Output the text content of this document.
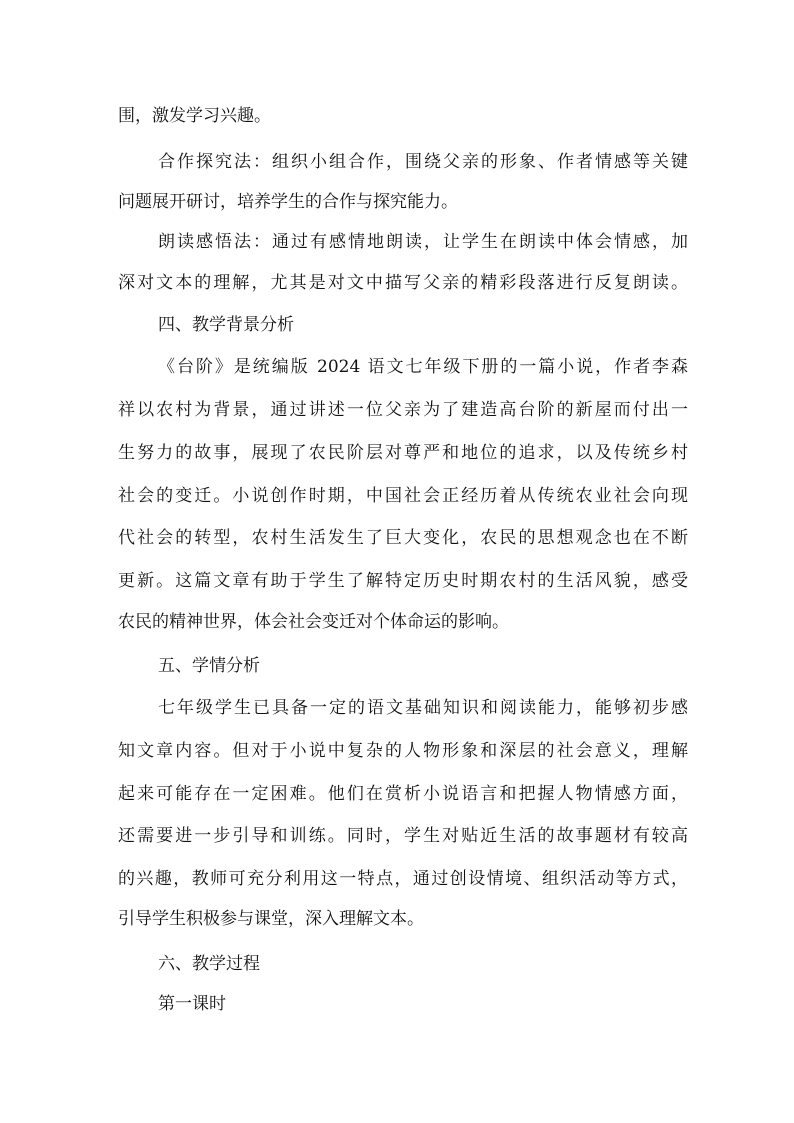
围，激发学习兴趣。

合作探究法：组织小组合作，围绕父亲的形象、作者情感等关键

问题展开研讨，培养学生的合作与探究能力。

朗读感悟法：通过有感情地朗读，让学生在朗读中体会情感，加

深对文本的理解，尤其是对文中描写父亲的精彩段落进行反复朗读。

四、教学背景分析

《台阶》是统编版 2024 语文七年级下册的一篇小说，作者李森

祥以农村为背景，通过讲述一位父亲为了建造高台阶的新屋而付出一

生努力的故事，展现了农民阶层对尊严和地位的追求，以及传统乡村

社会的变迁。小说创作时期，中国社会正经历着从传统农业社会向现

代社会的转型，农村生活发生了巨大变化，农民的思想观念也在不断

更新。这篇文章有助于学生了解特定历史时期农村的生活风貌，感受

农民的精神世界，体会社会变迁对个体命运的影响。

五、学情分析

七年级学生已具备一定的语文基础知识和阅读能力，能够初步感

知文章内容。但对于小说中复杂的人物形象和深层的社会意义，理解

起来可能存在一定困难。他们在赏析小说语言和把握人物情感方面，

还需要进一步引导和训练。同时，学生对贴近生活的故事题材有较高

的兴趣，教师可充分利用这一特点，通过创设情境、组织活动等方式，

引导学生积极参与课堂，深入理解文本。

六、教学过程

第一课时
